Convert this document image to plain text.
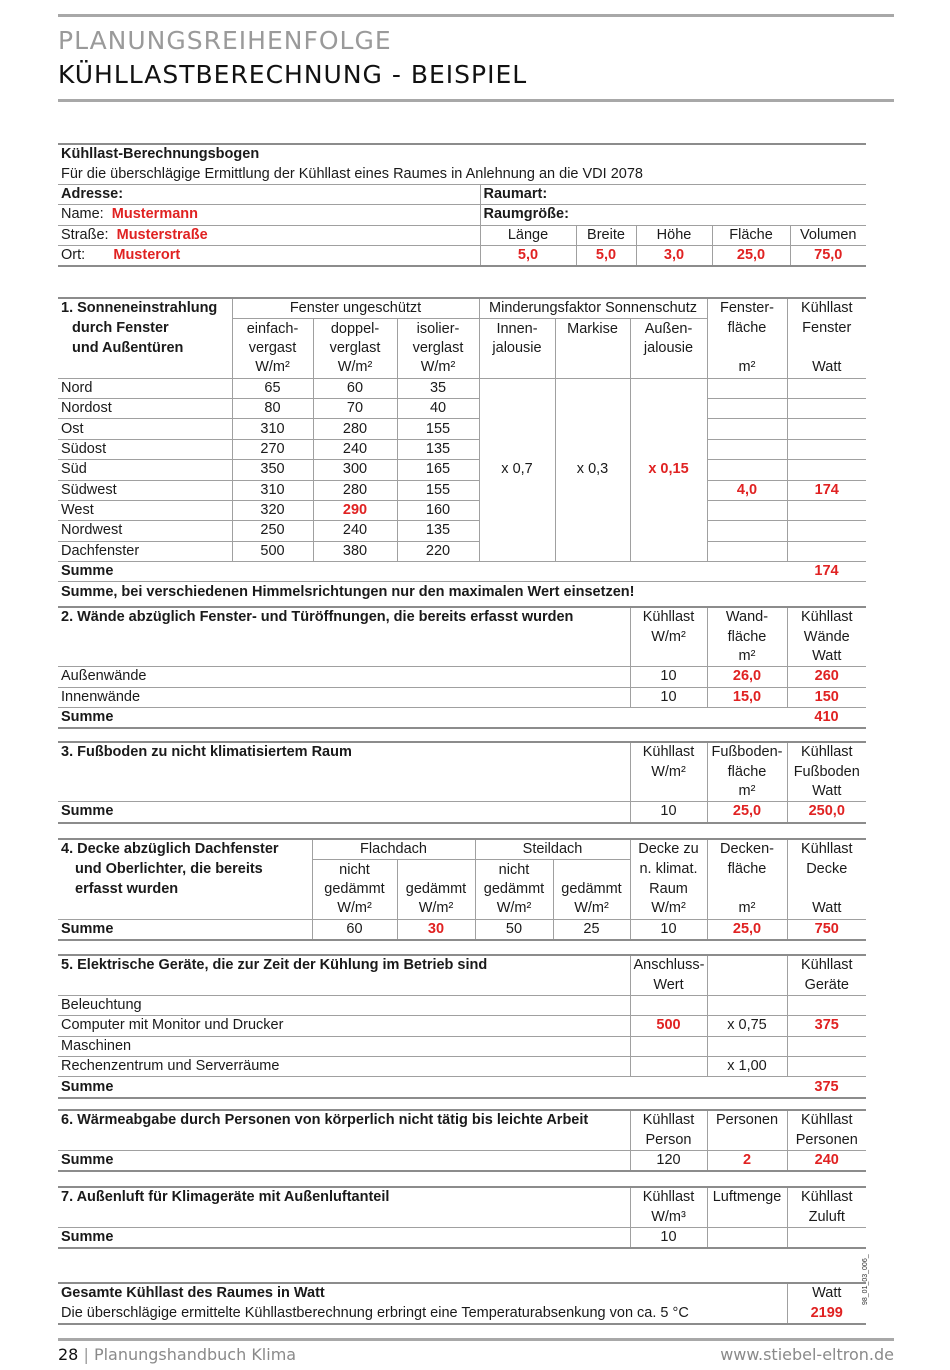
PLANUNGSREIHENFOLGE
KÜHLLASTBERECHNUNG - BEISPIEL
Kühllast-Berechnungsbogen					
Für die überschlägige Ermittlung der Kühllast eines Raumes in Anlehnung an die VDI 2078					
Adresse:	Raumart:				
Name: Mustermann	Raumgröße:				
Straße: Musterstraße	Länge	Breite	Höhe	Fläche	Volumen
Ort: Musterort	5,0	5,0	3,0	25,0	75,0
1. Sonneneinstrahlung	Fenster ungeschützt			Minderungsfaktor Sonnenschutz			Fenster-	Kühllast
durch Fenster	einfach-	doppel-	isolier-	Innen-	Markise	Außen-	fläche	Fenster
und Außentüren	vergast	verglast	verglast	jalousie		jalousie		
	W/m²	W/m²	W/m²				m²	Watt
Nord	65	60	35	x 0,7	x 0,3	x 0,15		
Nordost	80	70	40					
Ost	310	280	155					
Südost	270	240	135					
Süd	350	300	165					
Südwest	310	280	155				4,0	174
West	320	290	160					
Nordwest	250	240	135					
Dachfenster	500	380	220					
Summe								174
Summe, bei verschiedenen Himmelsrichtungen nur den maximalen Wert einsetzen!								
2. Wände abzüglich Fenster- und Türöffnungen, die bereits erfasst wurden	Kühllast	Wand-	Kühllast
	W/m²	fläche	Wände
		m²	Watt
Außenwände	10	26,0	260
Innenwände	10	15,0	150
Summe			410
3. Fußboden zu nicht klimatisiertem Raum	Kühllast	Fußboden-	Kühllast
	W/m²	fläche	Fußboden
		m²	Watt
Summe	10	25,0	250,0
4. Decke abzüglich Dachfenster	Flachdach		Steildach		Decke zu	Decken-	Kühllast
und Oberlichter, die bereits	nicht		nicht		n. klimat.	fläche	Decke
erfasst wurden	gedämmt	gedämmt	gedämmt	gedämmt	Raum		
	W/m²	W/m²	W/m²	W/m²	W/m²	m²	Watt
Summe	60	30	50	25	10	25,0	750
5. Elektrische Geräte, die zur Zeit der Kühlung im Betrieb sind	Anschluss-		Kühllast
	Wert		Geräte
Beleuchtung			
Computer mit Monitor und Drucker	500	x 0,75	375
Maschinen			
Rechenzentrum und Serverräume		x 1,00	
Summe			375
6. Wärmeabgabe durch Personen von körperlich nicht tätig bis leichte Arbeit	Kühllast	Personen	Kühllast
	Person		Personen
Summe	120	2	240
7. Außenluft für Klimageräte mit Außenluftanteil	Kühllast	Luftmenge	Kühllast
	W/m³		Zuluft
Summe	10		
Gesamte Kühllast des Raumes in Watt	Watt
Die überschlägige ermittelte Kühllastberechnung erbringt eine Temperaturabsenkung von ca. 5 °C	2199
98_01_03_006_
28 | Planungshandbuch Klima	www.stiebel-eltron.de
